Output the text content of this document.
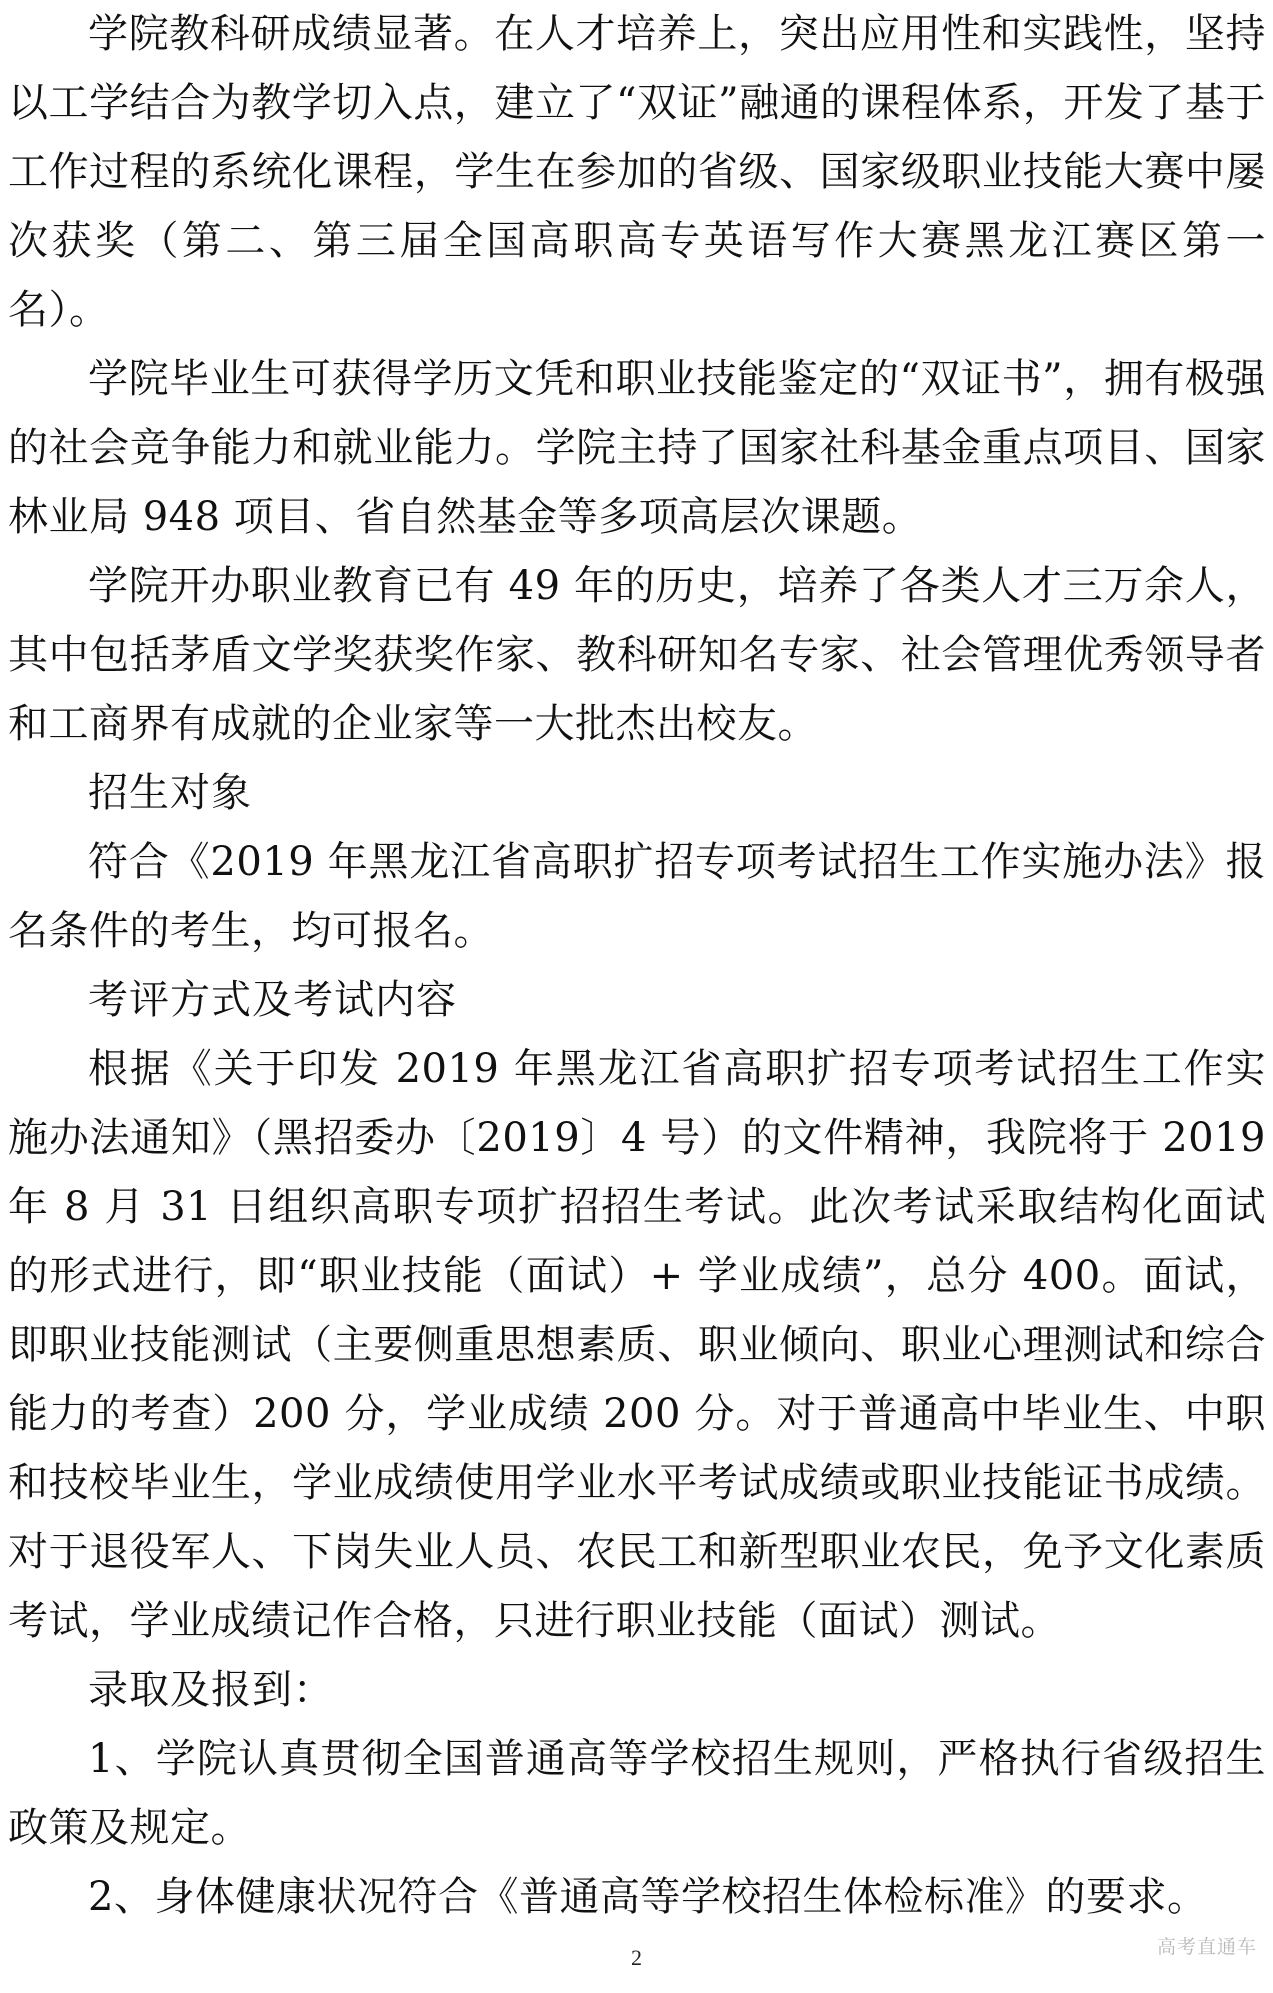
学院教科研成绩显著。在人才培养上，突出应用性和实践性，坚持以工学结合为教学切入点，建立了“双证”融通的课程体系，开发了基于工作过程的系统化课程，学生在参加的省级、国家级职业技能大赛中屡次获奖（第二、第三届全国高职高专英语写作大赛黑龙江赛区第一名）。

学院毕业生可获得学历文凭和职业技能鉴定的“双证书”，拥有极强的社会竞争能力和就业能力。学院主持了国家社科基金重点项目、国家林业局 948 项目、省自然基金等多项高层次课题。

学院开办职业教育已有 49 年的历史，培养了各类人才三万余人，其中包括茅盾文学奖获奖作家、教科研知名专家、社会管理优秀领导者和工商界有成就的企业家等一大批杰出校友。

招生对象

符合《2019 年黑龙江省高职扩招专项考试招生工作实施办法》报名条件的考生，均可报名。

考评方式及考试内容

根据《关于印发 2019 年黑龙江省高职扩招专项考试招生工作实施办法通知》（黑招委办〔2019〕4 号）的文件精神，我院将于 2019 年 8 月 31 日组织高职专项扩招招生考试。此次考试采取结构化面试的形式进行，即“职业技能（面试）+ 学业成绩”，总分 400。面试，即职业技能测试（主要侧重思想素质、职业倾向、职业心理测试和综合能力的考查）200 分，学业成绩 200 分。对于普通高中毕业生、中职和技校毕业生，学业成绩使用学业水平考试成绩或职业技能证书成绩。对于退役军人、下岗失业人员、农民工和新型职业农民，免予文化素质考试，学业成绩记作合格，只进行职业技能（面试）测试。

录取及报到：

1、学院认真贯彻全国普通高等学校招生规则，严格执行省级招生政策及规定。

2、身体健康状况符合《普通高等学校招生体检标准》的要求。

高考直通车
2
